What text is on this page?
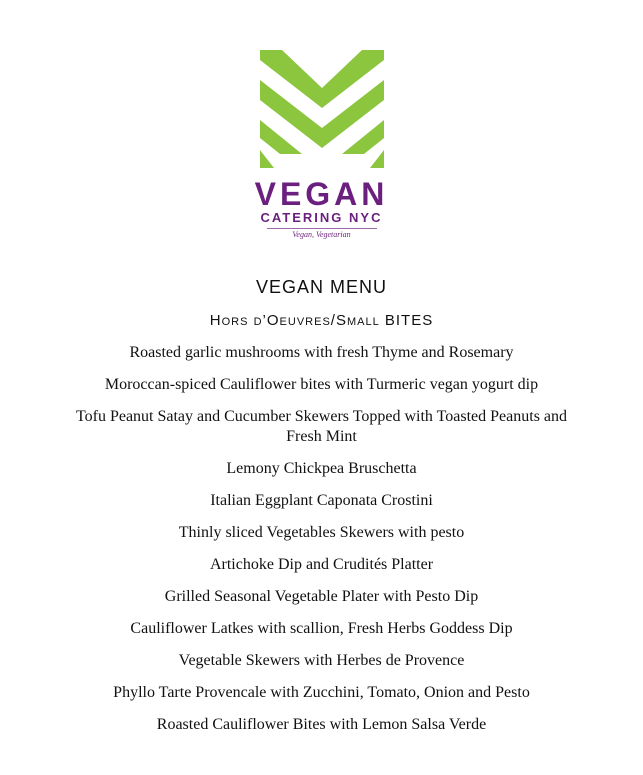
VEGAN
CATERING NYC
Vegan, Vegetarian
VEGAN MENU
Hors d’Oeuvres/Small BITES
Roasted garlic mushrooms with fresh Thyme and Rosemary
Moroccan-spiced Cauliflower bites with Turmeric vegan yogurt dip
Tofu Peanut Satay and Cucumber Skewers Topped with Toasted Peanuts and Fresh Mint
Lemony Chickpea Bruschetta
Italian Eggplant Caponata Crostini
Thinly sliced Vegetables Skewers with pesto
Artichoke Dip and Crudités Platter
Grilled Seasonal Vegetable Plater with Pesto Dip
Cauliflower Latkes with scallion, Fresh Herbs Goddess Dip
Vegetable Skewers with Herbes de Provence
Phyllo Tarte Provencale with Zucchini, Tomato, Onion and Pesto
Roasted Cauliflower Bites with Lemon Salsa Verde
